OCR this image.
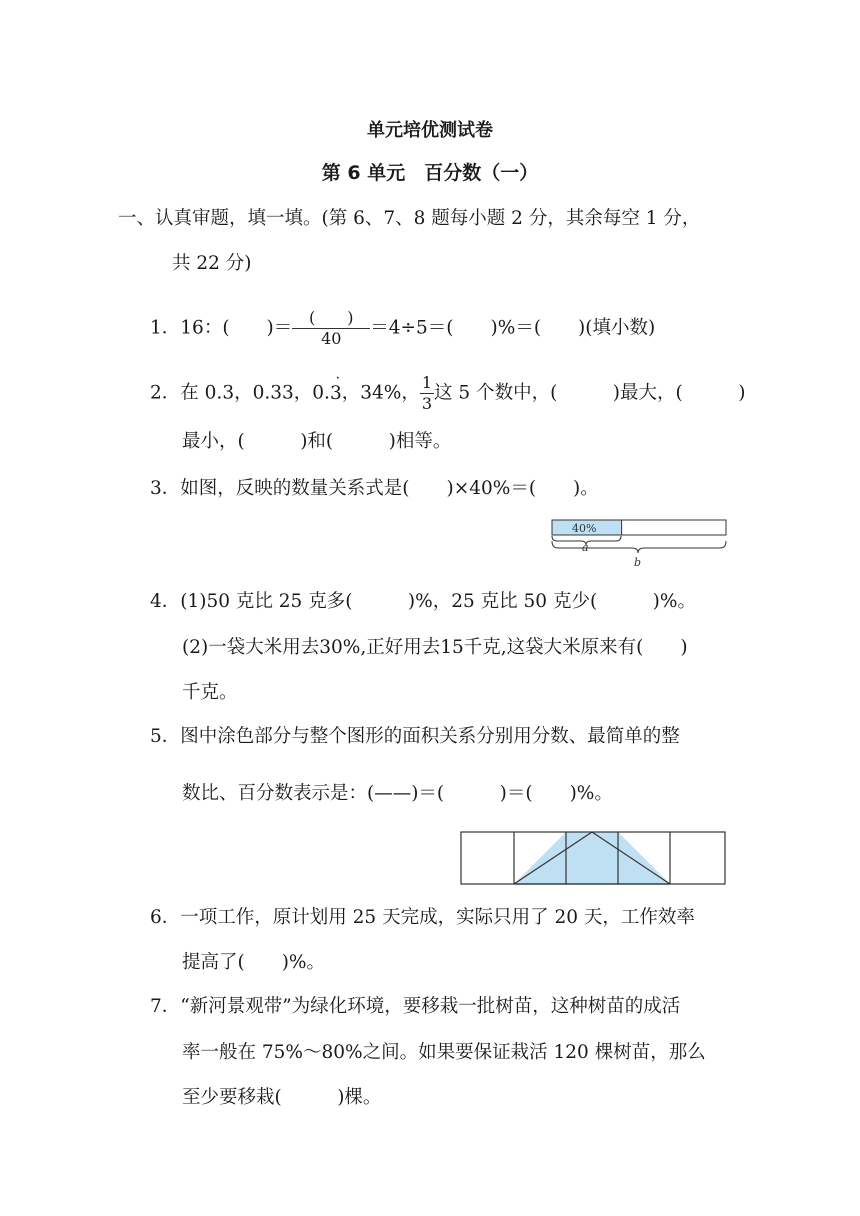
单元培优测试卷
第 6 单元　百分数（一）
一、认真审题，填一填。(第 6、7、8 题每小题 2 分，其余每空 1 分，
共 22 分)
1．16：(　　)＝ $\frac{( )}{40} =4\div 5=$(　　)%＝(　　)(填小数)
2．在 0.3，0.33，0.3 ̇，34%， $\frac{1}{3}$ 这 5 个数中，(　　　)最大，(　　　)
最小，(　　　)和(　　　)相等。
3．如图，反映的数量关系式是(　　)×40%＝(　　)。
40%
a
b
4．(1)50 克比 25 克多(　　　)%，25 克比 50 克少(　　　)%。
(2)一袋大米用去30%,正好用去15千克,这袋大米原来有(　　)
千克。
5．图中涂色部分与整个图形的面积关系分别用分数、最简单的整
数比、百分数表示是：(——)＝(　　　)＝(　　)%。
6．一项工作，原计划用 25 天完成，实际只用了 20 天，工作效率
提高了(　　)%。
7．“新河景观带”为绿化环境，要移栽一批树苗，这种树苗的成活
率一般在 75%～80%之间。如果要保证栽活 120 棵树苗，那么
至少要移栽(　　　)棵。
